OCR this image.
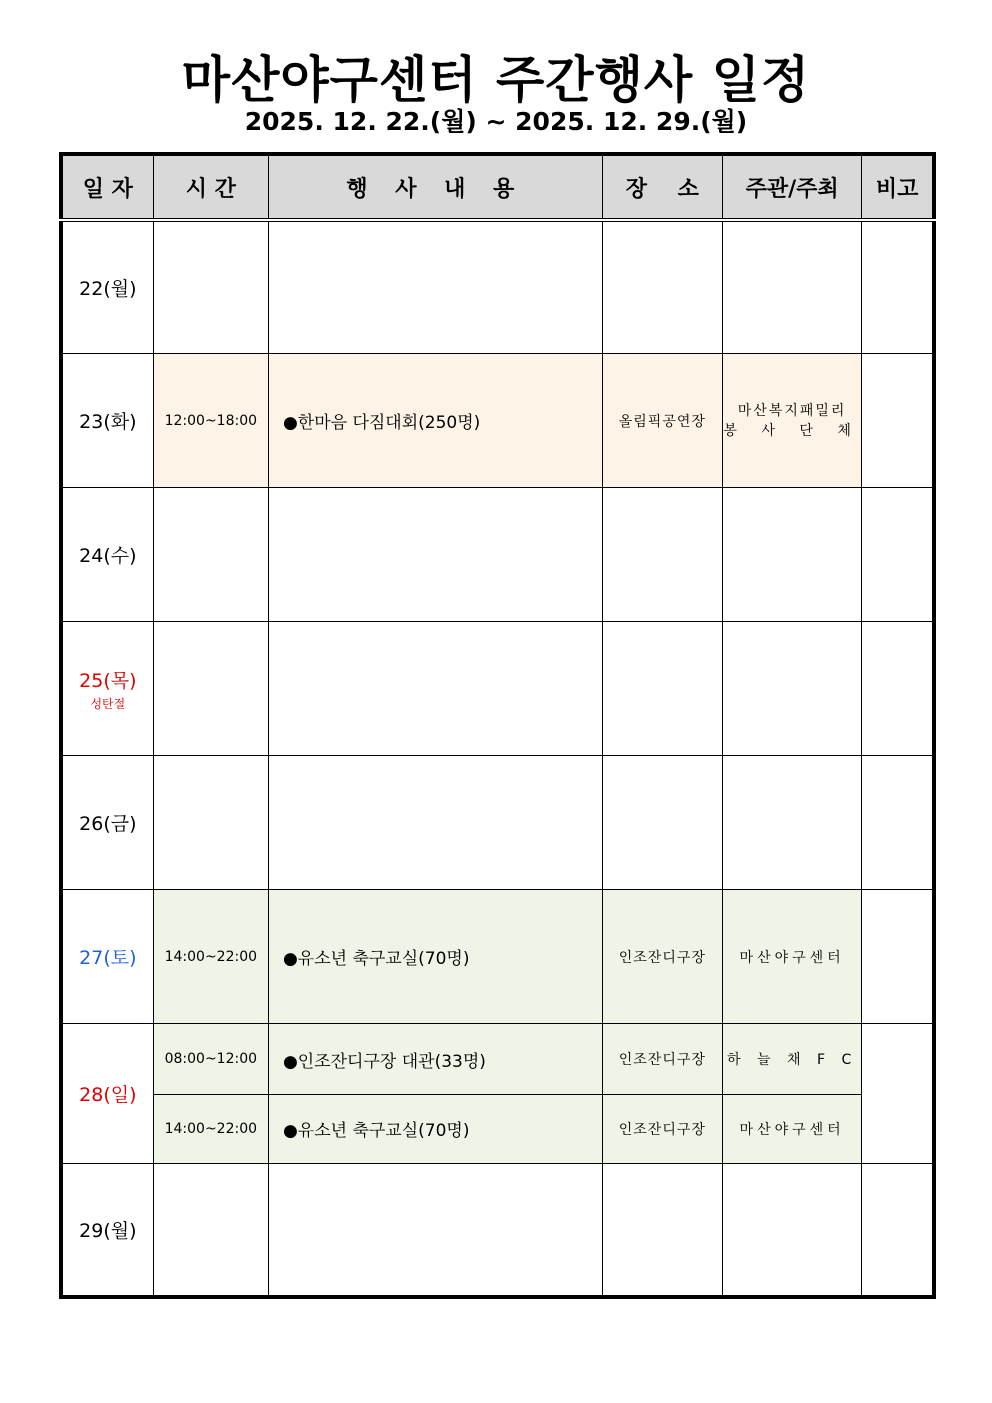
마산야구센터 주간행사 일정
2025. 12. 22.(월) ~ 2025. 12. 29.(월)
일 자	시 간	행 사 내 용	장    소	주관/주최	비고
22(월)					
23(화)	12:00~18:00	●한마음 다짐대회(250명)	올림픽공연장	마산복지패밀리
봉 사 단 체	
24(수)					
25(목)
성탄절					

26(금)					
27(토)	14:00~22:00	●유소년 축구교실(70명)	인조잔디구장	마산야구센터	
28(일)	08:00~12:00	●인조잔디구장 대관(33명)	인조잔디구장	하 늘 채 F C	
	14:00~22:00	●유소년 축구교실(70명)	인조잔디구장	마산야구센터	
29(월)					
